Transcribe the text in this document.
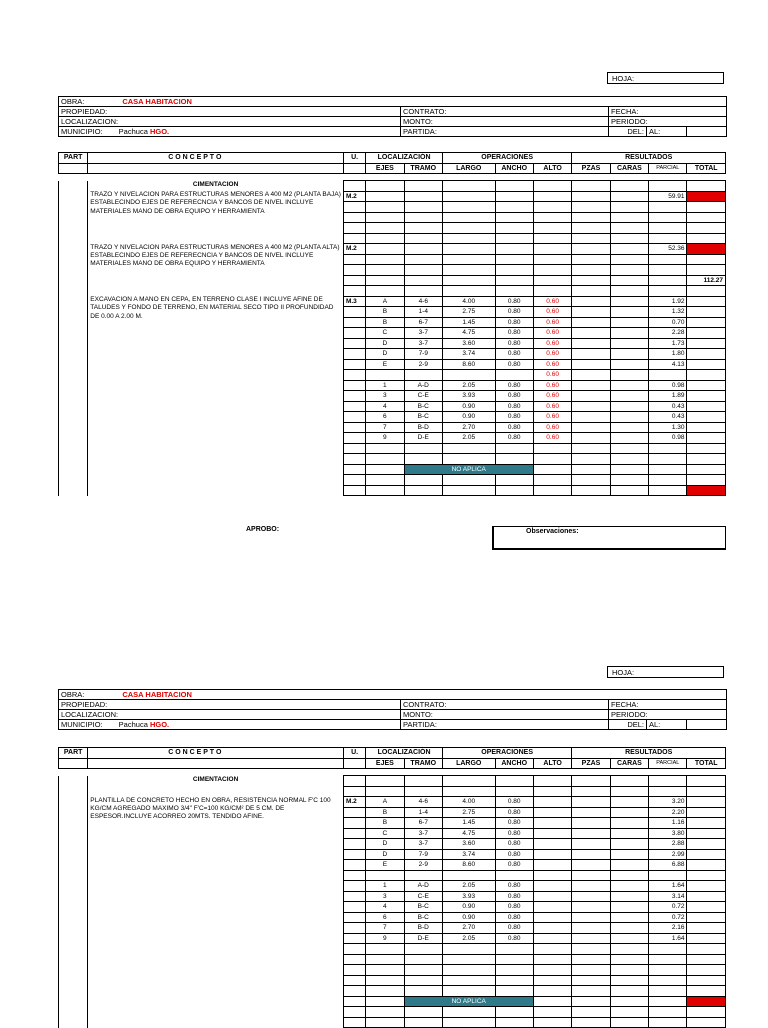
HOJA:
OBRA: CASA HABITACION				
PROPIEDAD:	CONTRATO:	FECHA:		
LOCALIZACION:	MONTO:	PERIODO:		
MUNICIPIO: Pachuca HGO.	PARTIDA:	DEL:	AL:	
PART	C O N C E P T O	U.	LOCALIZACIÓN		OPERACIONES			RESULTADOS			
			EJES	TRAMO	LARGO	ANCHO	ALTO	PZAS	CARAS	PARCIAL	TOTAL

	CIMENTACION										
	TRAZO Y NIVELACION PARA ESTRUCTURAS MENORES A 400 M2 (PLANTA BAJA) ESTABLECINDO EJES DE REFERECNCIA Y BANCOS DE NIVEL INCLUYE MATERIALES MANO DE OBRA EQUIPO Y HERRAMIENTA	M.2								59.91	59.91

	TRAZO Y NIVELACION PARA ESTRUCTURAS MENORES A 400 M2 (PLANTA ALTA) ESTABLECINDO EJES DE REFERECNCIA Y BANCOS DE NIVEL INCLUYE MATERIALES MANO DE OBRA EQUIPO Y HERRAMIENTA	M.2								52.36	52.36

											112.27

	EXCAVACION A MANO EN CEPA, EN TERRENO CLASE I INCLUYE AFINE DE TALUDES Y FONDO DE TERRENO, EN MATERIAL SECO TIPO II PROFUNDIDAD DE 0.00 A 2.00 M.	M.3	A	4-6	4.00	0.80	0.60			1.92	
			B	1-4	2.75	0.80	0.60			1.32	
			B	6-7	1.45	0.80	0.60			0.70	
			C	3-7	4.75	0.80	0.60			2.28	
			D	3-7	3.60	0.80	0.60			1.73	
			D	7-9	3.74	0.80	0.60			1.80	
			E	2-9	8.60	0.80	0.60			4.13	
							0.60				
			1	A-D	2.05	0.80	0.60			0.98	
			3	C-E	3.93	0.80	0.60			1.89	
			4	B-C	0.90	0.80	0.60			0.43	
			6	B-C	0.90	0.80	0.60			0.43	
			7	B-D	2.70	0.80	0.60			1.30	
			9	D-E	2.05	0.80	0.60			0.98	

				NO APLICA							

											18.86
APROBO:	Observaciones:
HOJA:
OBRA: CASA HABITACION				
PROPIEDAD:	CONTRATO:	FECHA:		
LOCALIZACION:	MONTO:	PERIODO:		
MUNICIPIO: Pachuca HGO.	PARTIDA:	DEL:	AL:	
PART	C O N C E P T O	U.	LOCALIZACIÓN		OPERACIONES			RESULTADOS			
			EJES	TRAMO	LARGO	ANCHO	ALTO	PZAS	CARAS	PARCIAL	TOTAL

	CIMENTACION										

	PLANTILLA DE CONCRETO HECHO EN OBRA, RESISTENCIA NORMAL F'C 100 KG/CM AGREGADO MAXIMO 3/4" F'C=100 KG/CM² DE 5 CM. DE ESPESOR.INCLUYE ACORREO 20MTS. TENDIDO AFINE.	M.2	A	4-6	4.00	0.80				3.20	
			B	1-4	2.75	0.80				2.20	
			B	6-7	1.45	0.80				1.16	
			C	3-7	4.75	0.80				3.80	
			D	3-7	3.60	0.80				2.88	
			D	7-9	3.74	0.80				2.99	
			E	2-9	8.60	0.80				6.88	

			1	A-D	2.05	0.80				1.64	
			3	C-E	3.93	0.80				3.14	
			4	B-C	0.90	0.80				0.72	
			6	B-C	0.90	0.80				0.72	
			7	B-D	2.70	0.80				2.16	
			9	D-E	2.05	0.80				1.64	

				NO APLICA							35.14
